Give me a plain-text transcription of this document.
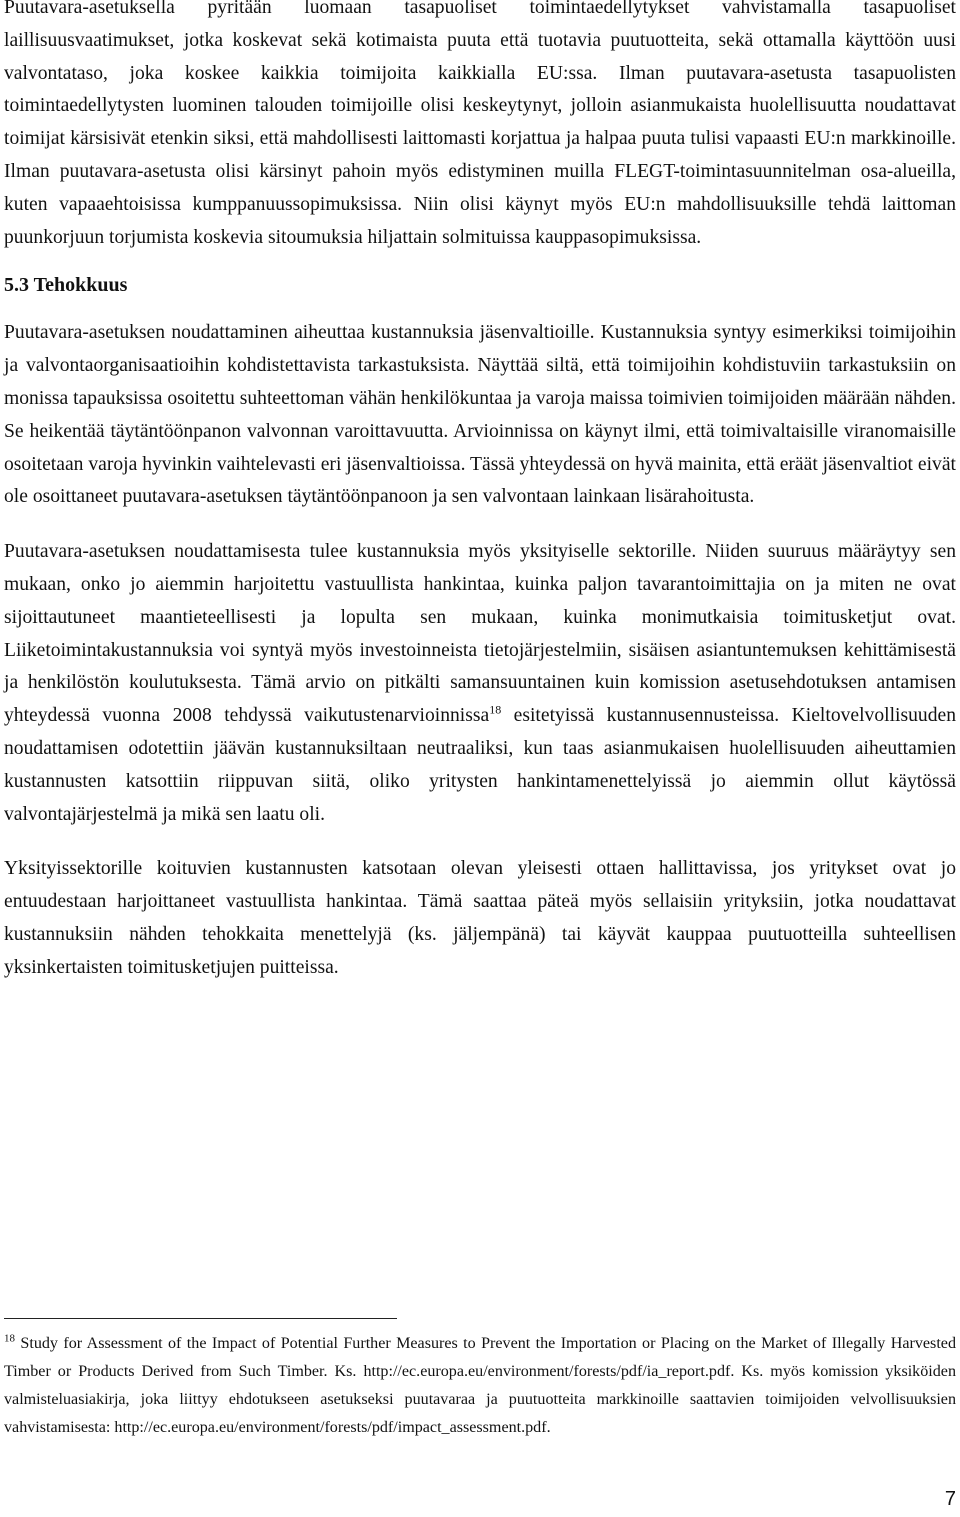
Puutavara-asetuksella pyritään luomaan tasapuoliset toimintaedellytykset vahvistamalla tasapuoliset laillisuusvaatimukset, jotka koskevat sekä kotimaista puuta että tuotavia puutuotteita, sekä ottamalla käyttöön uusi valvontataso, joka koskee kaikkia toimijoita kaikkialla EU:ssa. Ilman puutavara-asetusta tasapuolisten toimintaedellytysten luominen talouden toimijoille olisi keskeytynyt, jolloin asianmukaista huolellisuutta noudattavat toimijat kärsisivät etenkin siksi, että mahdollisesti laittomasti korjattua ja halpaa puuta tulisi vapaasti EU:n markkinoille. Ilman puutavara-asetusta olisi kärsinyt pahoin myös edistyminen muilla FLEGT-toimintasuunnitelman osa-alueilla, kuten vapaaehtoisissa kumppanuussopimuksissa. Niin olisi käynyt myös EU:n mahdollisuuksille tehdä laittoman puunkorjuun torjumista koskevia sitoumuksia hiljattain solmituissa kauppasopimuksissa.

5.3 Tehokkuus

Puutavara-asetuksen noudattaminen aiheuttaa kustannuksia jäsenvaltioille. Kustannuksia syntyy esimerkiksi toimijoihin ja valvontaorganisaatioihin kohdistettavista tarkastuksista. Näyttää siltä, että toimijoihin kohdistuviin tarkastuksiin on monissa tapauksissa osoitettu suhteettoman vähän henkilökuntaa ja varoja maissa toimivien toimijoiden määrään nähden. Se heikentää täytäntöönpanon valvonnan varoittavuutta. Arvioinnissa on käynyt ilmi, että toimivaltaisille viranomaisille osoitetaan varoja hyvinkin vaihtelevasti eri jäsenvaltioissa. Tässä yhteydessä on hyvä mainita, että eräät jäsenvaltiot eivät ole osoittaneet puutavara-asetuksen täytäntöönpanoon ja sen valvontaan lainkaan lisärahoitusta.

Puutavara-asetuksen noudattamisesta tulee kustannuksia myös yksityiselle sektorille. Niiden suuruus määräytyy sen mukaan, onko jo aiemmin harjoitettu vastuullista hankintaa, kuinka paljon tavarantoimittajia on ja miten ne ovat sijoittautuneet maantieteellisesti ja lopulta sen mukaan, kuinka monimutkaisia toimitusketjut ovat. Liiketoimintakustannuksia voi syntyä myös investoinneista tietojärjestelmiin, sisäisen asiantuntemuksen kehittämisestä ja henkilöstön koulutuksesta. Tämä arvio on pitkälti samansuuntainen kuin komission asetusehdotuksen antamisen yhteydessä vuonna 2008 tehdyssä vaikutustenarvioinnissa$^{18}$ esitetyissä kustannusennusteissa. Kieltovelvollisuuden noudattamisen odotettiin jäävän kustannuksiltaan neutraaliksi, kun taas asianmukaisen huolellisuuden aiheuttamien kustannusten katsottiin riippuvan siitä, oliko yritysten hankintamenettelyissä jo aiemmin ollut käytössä valvontajärjestelmä ja mikä sen laatu oli.

Yksityissektorille koituvien kustannusten katsotaan olevan yleisesti ottaen hallittavissa, jos yritykset ovat jo entuudestaan harjoittaneet vastuullista hankintaa. Tämä saattaa päteä myös sellaisiin yrityksiin, jotka noudattavat kustannuksiin nähden tehokkaita menettelyjä (ks. jäljempänä) tai käyvät kauppaa puutuotteilla suhteellisen yksinkertaisten toimitusketjujen puitteissa.

$^{18}$ Study for Assessment of the Impact of Potential Further Measures to Prevent the Importation or Placing on the Market of Illegally Harvested Timber or Products Derived from Such Timber. Ks. http://ec.europa.eu/environment/forests/pdf/ia_report.pdf. Ks. myös komission yksiköiden valmisteluasiakirja, joka liittyy ehdotukseen asetukseksi puutavaraa ja puutuotteita markkinoille saattavien toimijoiden velvollisuuksien vahvistamisesta: http://ec.europa.eu/environment/forests/pdf/impact_assessment.pdf.

7
